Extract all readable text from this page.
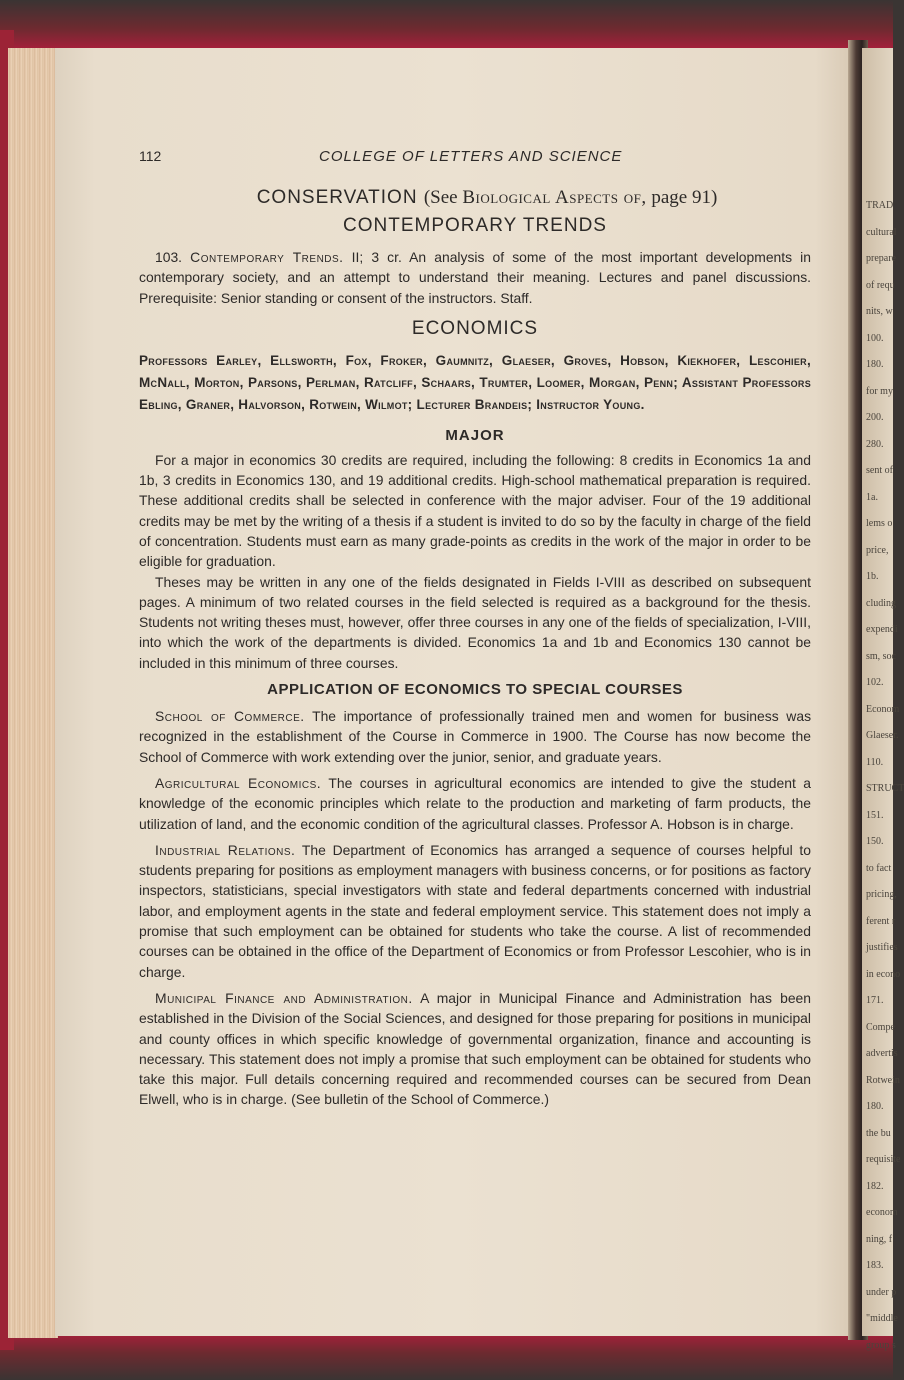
TRAD
cultural
prepare
of requ
nits, w
100.
180.
for my
200.
280.
sent of
1a.
lems o
price,
1b.
cluding
expendi
sm, soc
102.
Econom
Glaeser.
110.
STRUCT
151.
150.
to fact
pricing,
ferent r
justifies
in econo
171.
Compe
advertis
Rotwein
180.
the bu
requisite
182.
econom
ning, f
183.
under p
"middle
group s
112	COLLEGE OF LETTERS AND SCIENCE
CONSERVATION (See Biological Aspects of, page 91)
CONTEMPORARY TRENDS

103. Contemporary Trends. II; 3 cr. An analysis of some of the most important developments in contemporary society, and an attempt to understand their meaning. Lectures and panel discussions. Prerequisite: Senior standing or consent of the instructors. Staff.

ECONOMICS
Professors Earley, Ellsworth, Fox, Froker, Gaumnitz, Glaeser, Groves, Hobson, Kiekhofer, Lescohier, McNall, Morton, Parsons, Perlman, Ratcliff, Schaars, Trumter, Loomer, Morgan, Penn; Assistant Professors Ebling, Graner, Halvorson, Rotwein, Wilmot; Lecturer Brandeis; Instructor Young.
MAJOR

For a major in economics 30 credits are required, including the following: 8 credits in Economics 1a and 1b, 3 credits in Economics 130, and 19 additional credits. High-school mathematical preparation is required. These additional credits shall be selected in conference with the major adviser. Four of the 19 additional credits may be met by the writing of a thesis if a student is invited to do so by the faculty in charge of the field of concentration. Students must earn as many grade-points as credits in the work of the major in order to be eligible for graduation.

Theses may be written in any one of the fields designated in Fields I-VIII as described on subsequent pages. A minimum of two related courses in the field selected is required as a background for the thesis. Students not writing theses must, however, offer three courses in any one of the fields of specialization, I-VIII, into which the work of the departments is divided. Economics 1a and 1b and Economics 130 cannot be included in this minimum of three courses.

APPLICATION OF ECONOMICS TO SPECIAL COURSES

School of Commerce. The importance of professionally trained men and women for business was recognized in the establishment of the Course in Commerce in 1900. The Course has now become the School of Commerce with work extending over the junior, senior, and graduate years.

Agricultural Economics. The courses in agricultural economics are intended to give the student a knowledge of the economic principles which relate to the production and marketing of farm products, the utilization of land, and the economic condition of the agricultural classes. Professor A. Hobson is in charge.

Industrial Relations. The Department of Economics has arranged a sequence of courses helpful to students preparing for positions as employment managers with business concerns, or for positions as factory inspectors, statisticians, special investigators with state and federal departments concerned with industrial labor, and employment agents in the state and federal employment service. This statement does not imply a promise that such employment can be obtained for students who take the course. A list of recommended courses can be obtained in the office of the Department of Economics or from Professor Lescohier, who is in charge.

Municipal Finance and Administration. A major in Municipal Finance and Administration has been established in the Division of the Social Sciences, and designed for those preparing for positions in municipal and county offices in which specific knowledge of governmental organization, finance and accounting is necessary. This statement does not imply a promise that such employment can be obtained for students who take this major. Full details concerning required and recommended courses can be secured from Dean Elwell, who is in charge. (See bulletin of the School of Commerce.)
